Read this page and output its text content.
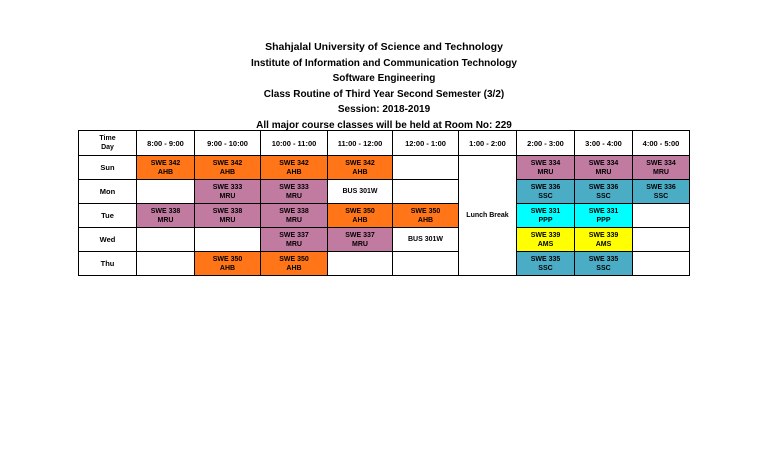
Shahjalal University of Science and Technology
Institute of Information and Communication Technology
Software Engineering
Class Routine of Third Year Second Semester (3/2)
Session: 2018-2019
All major course classes will be held at Room No: 229
Time
Day	8:00 - 9:00	9:00 - 10:00	10:00 - 11:00	11:00 - 12:00	12:00 - 1:00	1:00 - 2:00	2:00 - 3:00	3:00 - 4:00	4:00 - 5:00
Sun	SWE 342
AHB	SWE 342
AHB	SWE 342
AHB	SWE 342
AHB		Lunch Break	SWE 334
MRU	SWE 334
MRU	SWE 334
MRU

Mon		SWE 333
MRU	SWE 333
MRU	BUS 301W			SWE 336
SSC	SWE 336
SSC	SWE 336
SSC

Tue	SWE 338
MRU	SWE 338
MRU	SWE 338
MRU	SWE 350
AHB	SWE 350
AHB		SWE 331
PPP	SWE 331
PPP	

Wed			SWE 337
MRU	SWE 337
MRU	BUS 301W		SWE 339
AMS	SWE 339
AMS	

Thu		SWE 350
AHB	SWE 350
AHB				SWE 335
SSC	SWE 335
SSC	
